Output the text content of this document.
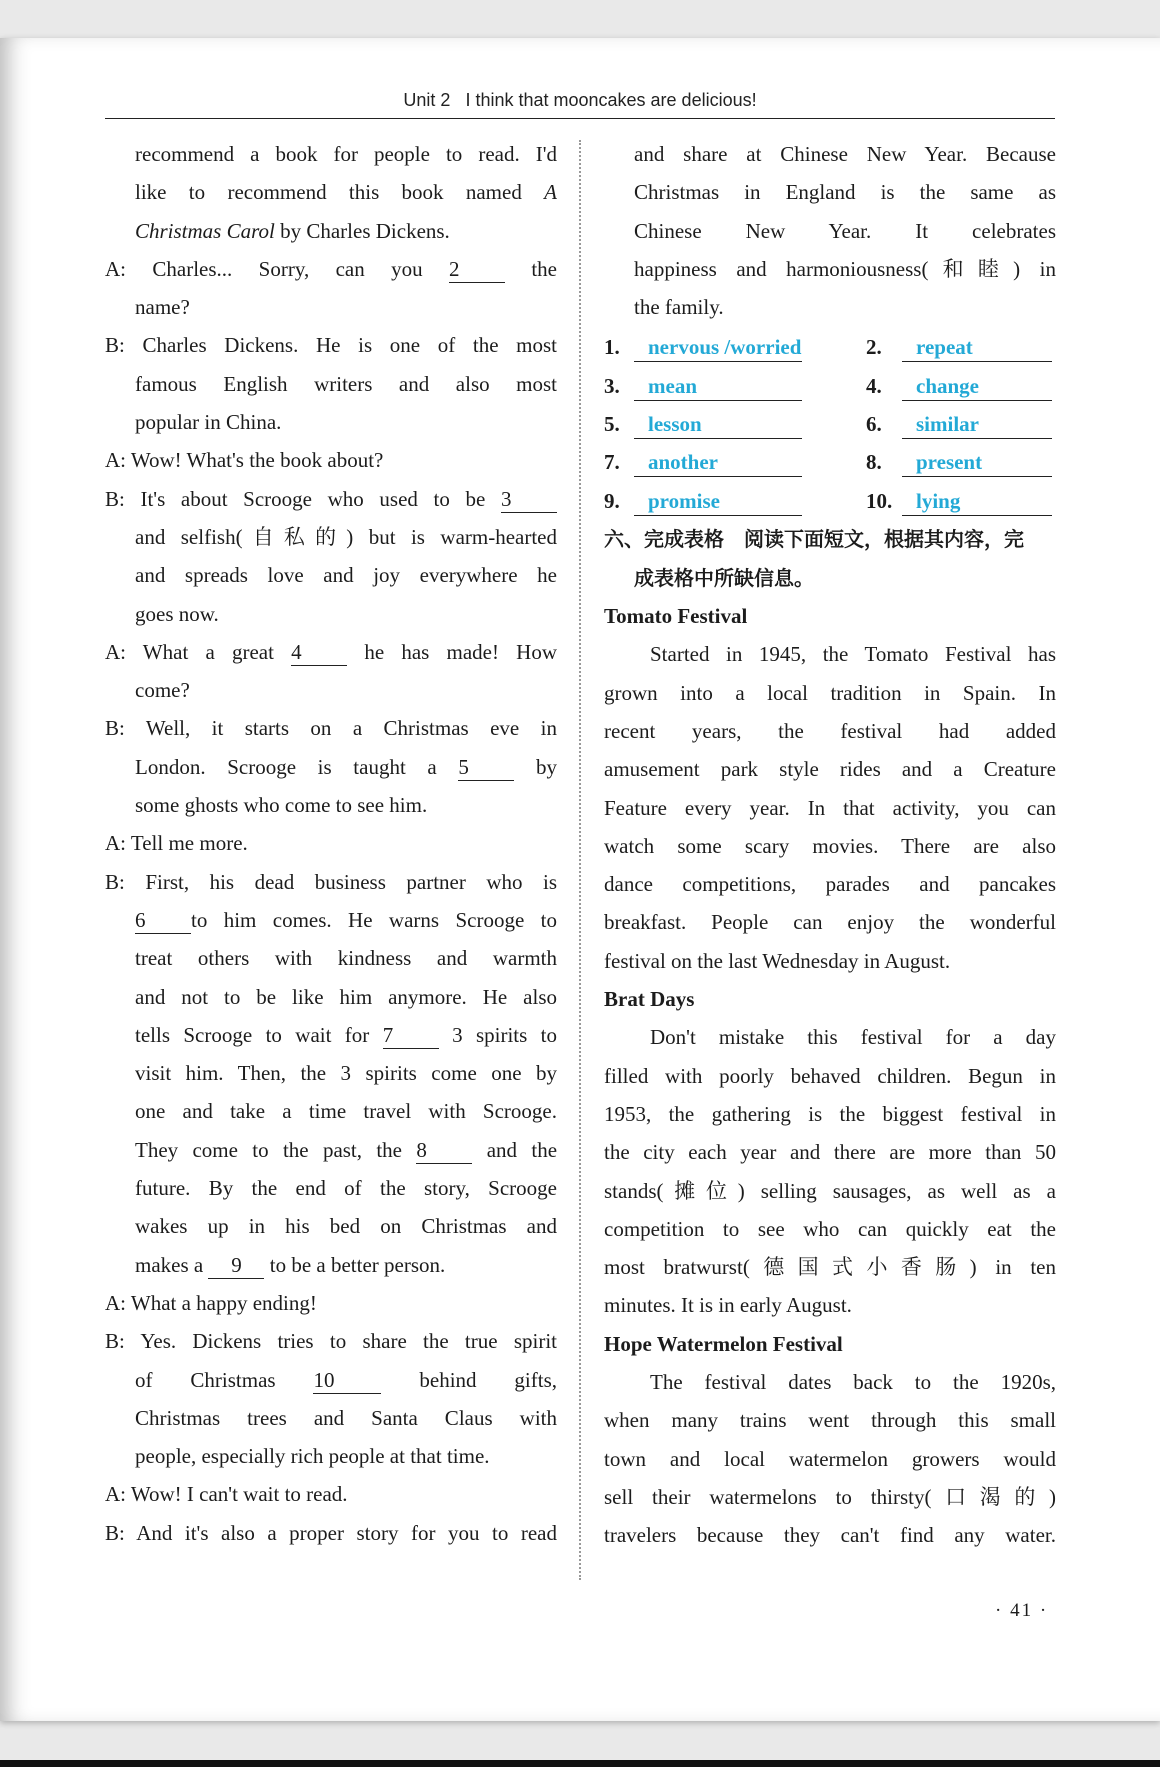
Unit 2 I think that mooncakes are delicious!
recommend a book for people to read. I'd
like to recommend this book named A
Christmas Carol by Charles Dickens.
A: Charles... Sorry, can you 2	the
name?
B: Charles Dickens. He is one of the most
famous English writers and also most
popular in China.
A: Wow! What's the book about?
B: It's about Scrooge who used to be 3
and selfish(自私的) but is warm-hearted
and spreads love and joy everywhere he
goes now.
A: What a great 4	he has made! How
come?
B: Well, it starts on a Christmas eve in
London. Scrooge is taught a 5	by
some ghosts who come to see him.
A: Tell me more.
B: First, his dead business partner who is
6 to him comes. He warns Scrooge to
treat others with kindness and warmth
and not to be like him anymore. He also
tells Scrooge to wait for 7	3 spirits to
visit him. Then, the 3 spirits come one by
one and take a time travel with Scrooge.
They come to the past, the 8	and the
future. By the end of the story, Scrooge
wakes up in his bed on Christmas and
makes a 9 to be a better person.
A: What a happy ending!
B: Yes. Dickens tries to share the true spirit
of Christmas 10	behind gifts,
Christmas trees and Santa Claus with
people, especially rich people at that time.
A: Wow! I can't wait to read.
B: And it's also a proper story for you to read
and share at Chinese New Year. Because
Christmas in England is the same as
Chinese New Year. It celebrates
happiness and harmoniousness(和睦) in
the family.
1. nervous /worried	2. repeat
3. mean	4. change
5. lesson	6. similar
7. another	8. present
9. promise	10. lying
六、完成表格　阅读下面短文，根据其内容，完
成表格中所缺信息。
Tomato Festival
Started in 1945, the Tomato Festival has
grown into a local tradition in Spain. In
recent years, the festival had added
amusement park style rides and a Creature
Feature every year. In that activity, you can
watch some scary movies. There are also
dance competitions, parades and pancakes
breakfast. People can enjoy the wonderful
festival on the last Wednesday in August.
Brat Days
Don't mistake this festival for a day
filled with poorly behaved children. Begun in
1953, the gathering is the biggest festival in
the city each year and there are more than 50
stands(摊位) selling sausages, as well as a
competition to see who can quickly eat the
most bratwurst(德国式小香肠) in ten
minutes. It is in early August.
Hope Watermelon Festival
The festival dates back to the 1920s,
when many trains went through this small
town and local watermelon growers would
sell their watermelons to thirsty(口渴的)
travelers because they can't find any water.
· 41 ·
